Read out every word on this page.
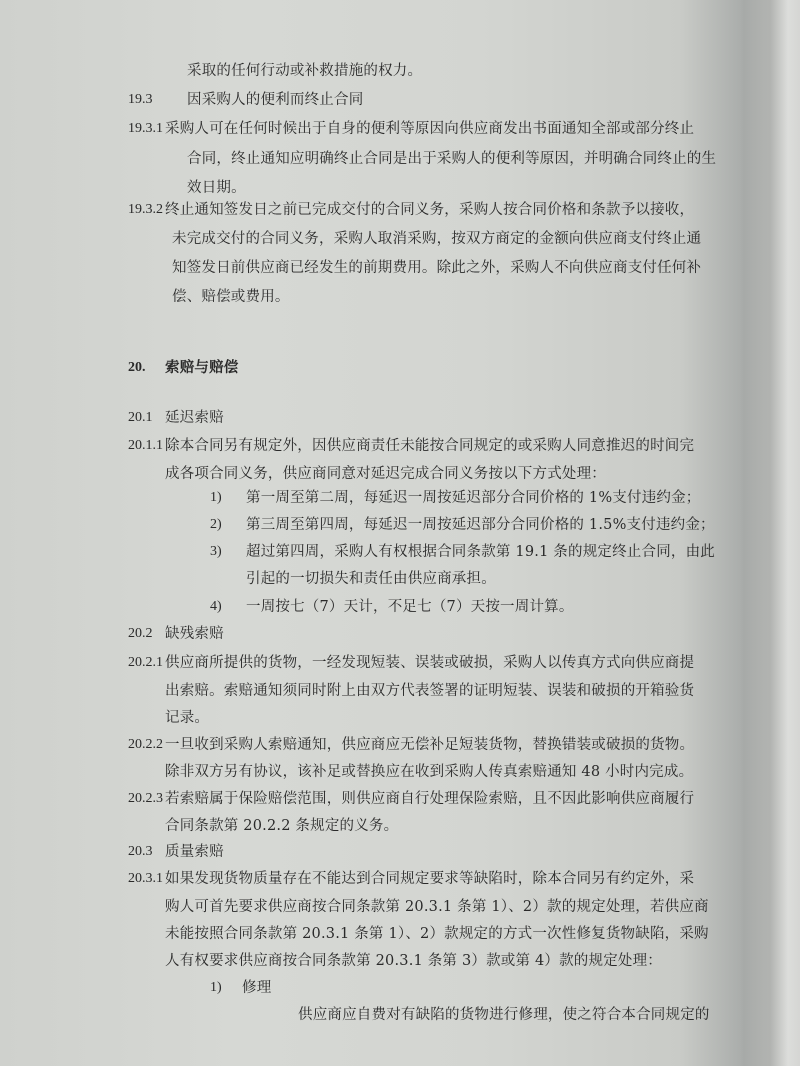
采取的任何行动或补救措施的权力。
19.3 因采购人的便利而终止合同
19.3.1 采购人可在任何时候出于自身的便利等原因向供应商发出书面通知全部或部分终止
合同，终止通知应明确终止合同是出于采购人的便利等原因，并明确合同终止的生
效日期。
19.3.2 终止通知签发日之前已完成交付的合同义务，采购人按合同价格和条款予以接收，
未完成交付的合同义务，采购人取消采购，按双方商定的金额向供应商支付终止通
知签发日前供应商已经发生的前期费用。除此之外，采购人不向供应商支付任何补
偿、赔偿或费用。
20. 索赔与赔偿
20.1 延迟索赔
20.1.1 除本合同另有规定外，因供应商责任未能按合同规定的或采购人同意推迟的时间完
成各项合同义务，供应商同意对延迟完成合同义务按以下方式处理：
1) 第一周至第二周，每延迟一周按延迟部分合同价格的 1%支付违约金；
2) 第三周至第四周，每延迟一周按延迟部分合同价格的 1.5%支付违约金；
3) 超过第四周，采购人有权根据合同条款第 19.1 条的规定终止合同，由此
引起的一切损失和责任由供应商承担。
4) 一周按七（7）天计，不足七（7）天按一周计算。
20.2 缺残索赔
20.2.1 供应商所提供的货物，一经发现短装、误装或破损，采购人以传真方式向供应商提
出索赔。索赔通知须同时附上由双方代表签署的证明短装、误装和破损的开箱验货
记录。
20.2.2 一旦收到采购人索赔通知，供应商应无偿补足短装货物，替换错装或破损的货物。
除非双方另有协议，该补足或替换应在收到采购人传真索赔通知 48 小时内完成。
20.2.3 若索赔属于保险赔偿范围，则供应商自行处理保险索赔，且不因此影响供应商履行
合同条款第 20.2.2 条规定的义务。
20.3 质量索赔
20.3.1 如果发现货物质量存在不能达到合同规定要求等缺陷时，除本合同另有约定外，采
购人可首先要求供应商按合同条款第 20.3.1 条第 1）、2）款的规定处理，若供应商
未能按照合同条款第 20.3.1 条第 1）、2）款规定的方式一次性修复货物缺陷，采购
人有权要求供应商按合同条款第 20.3.1 条第 3）款或第 4）款的规定处理：
1) 修理
供应商应自费对有缺陷的货物进行修理，使之符合本合同规定的
